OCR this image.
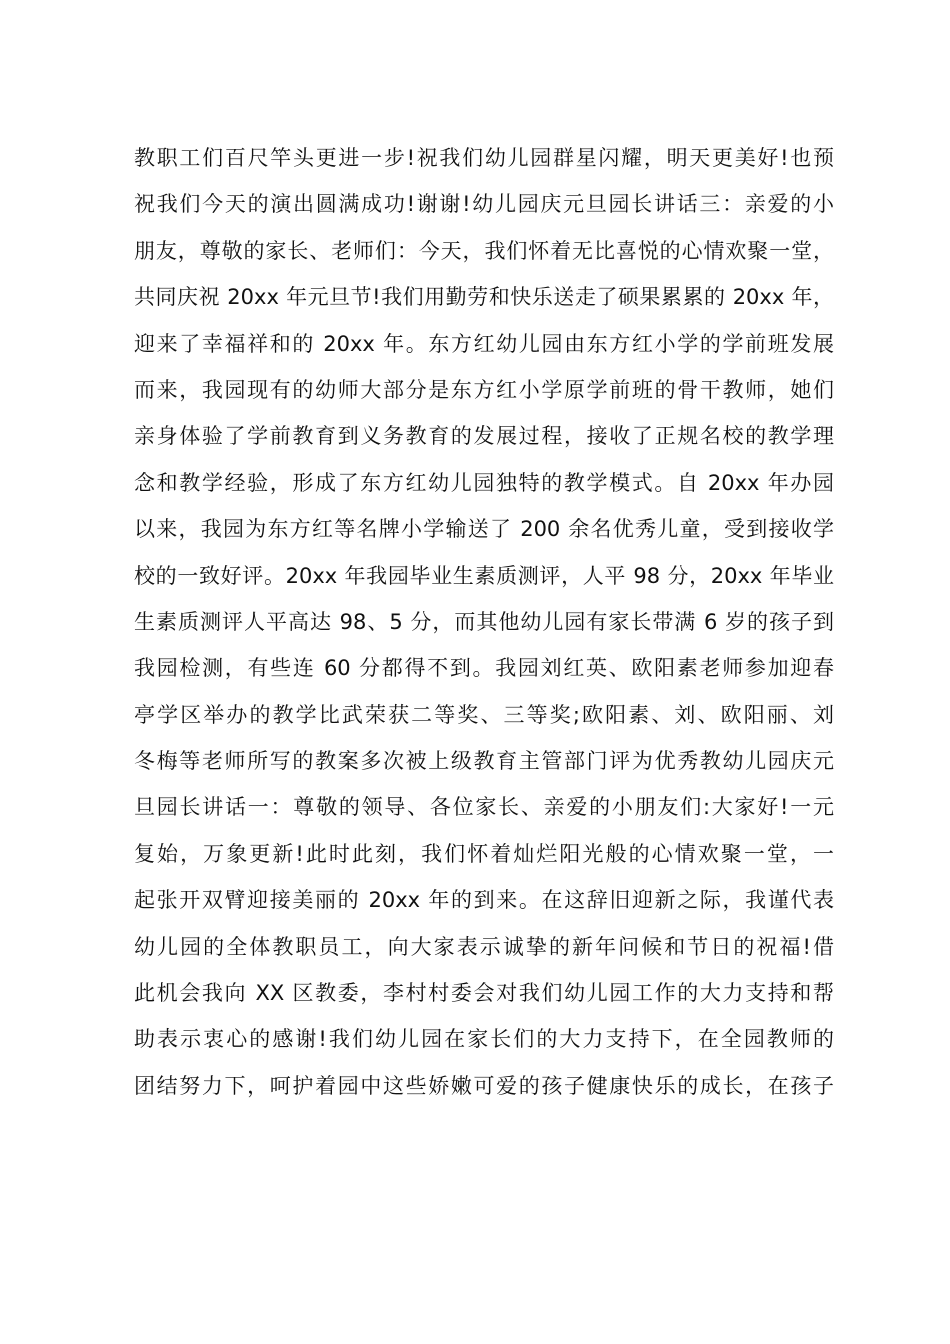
教职工们百尺竿头更进一步!祝我们幼儿园群星闪耀，明天更美好!也预
祝我们今天的演出圆满成功!谢谢!幼儿园庆元旦园长讲话三：亲爱的小
朋友，尊敬的家长、老师们：今天，我们怀着无比喜悦的心情欢聚一堂，
共同庆祝 20xx 年元旦节!我们用勤劳和快乐送走了硕果累累的 20xx 年，
迎来了幸福祥和的 20xx 年。东方红幼儿园由东方红小学的学前班发展
而来，我园现有的幼师大部分是东方红小学原学前班的骨干教师，她们
亲身体验了学前教育到义务教育的发展过程，接收了正规名校的教学理
念和教学经验，形成了东方红幼儿园独特的教学模式。自 20xx 年办园
以来，我园为东方红等名牌小学输送了 200 余名优秀儿童，受到接收学
校的一致好评。20xx 年我园毕业生素质测评，人平 98 分，20xx 年毕业
生素质测评人平高达 98、5 分，而其他幼儿园有家长带满 6 岁的孩子到
我园检测，有些连 60 分都得不到。我园刘红英、欧阳素老师参加迎春
亭学区举办的教学比武荣获二等奖、三等奖;欧阳素、刘、欧阳丽、刘
冬梅等老师所写的教案多次被上级教育主管部门评为优秀教幼儿园庆元
旦园长讲话一：尊敬的领导、各位家长、亲爱的小朋友们:大家好!一元
复始，万象更新!此时此刻，我们怀着灿烂阳光般的心情欢聚一堂，一
起张开双臂迎接美丽的 20xx 年的到来。在这辞旧迎新之际，我谨代表
幼儿园的全体教职员工，向大家表示诚挚的新年问候和节日的祝福!借
此机会我向 XX 区教委，李村村委会对我们幼儿园工作的大力支持和帮
助表示衷心的感谢!我们幼儿园在家长们的大力支持下，在全园教师的
团结努力下，呵护着园中这些娇嫩可爱的孩子健康快乐的成长，在孩子
